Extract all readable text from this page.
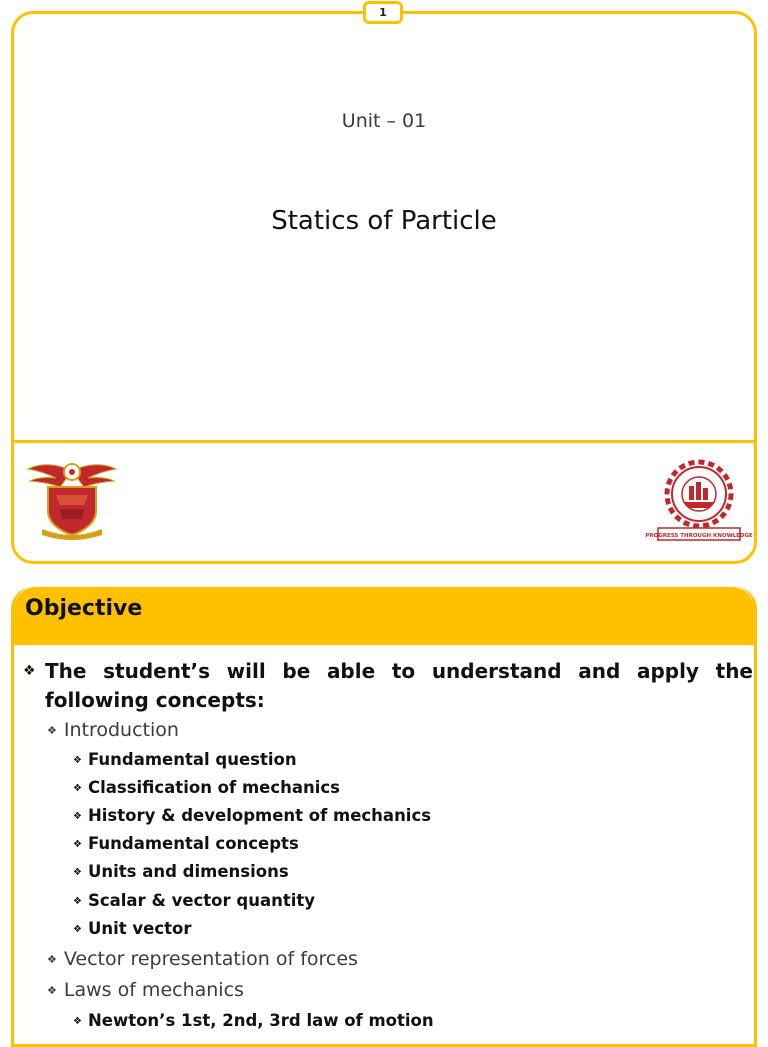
1
Unit – 01
Statics of Particle
PROGRESS THROUGH KNOWLEDGE
Objective
❖ The student’s will be able to understand and apply the following concepts:
❖ Introduction
❖ Fundamental question
❖ Classification of mechanics
❖ History & development of mechanics
❖ Fundamental concepts
❖ Units and dimensions
❖ Scalar & vector quantity
❖ Unit vector
❖ Vector representation of forces
❖ Laws of mechanics
❖ Newton’s 1st, 2nd, 3rd law of motion
